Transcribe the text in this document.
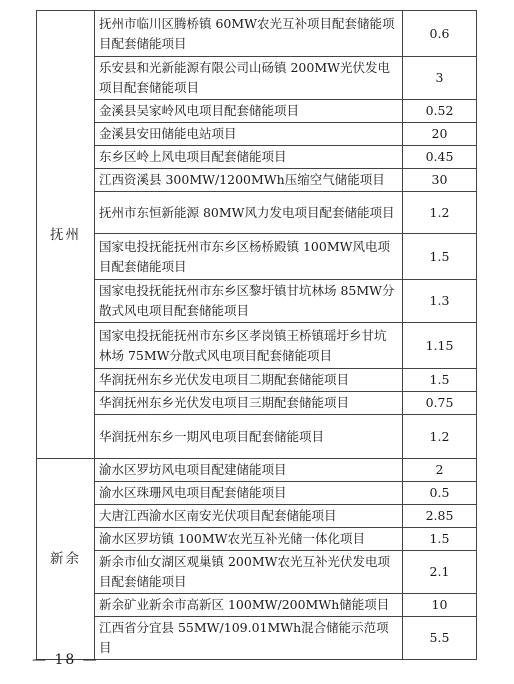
抚州	抚州市临川区腾桥镇 60MW农光互补项目配套储能项目配套储能项目	0.6
	乐安县和光新能源有限公司山砀镇 200MW光伏发电项目配套储能项目	3
	金溪县吴家岭风电项目配套储能项目	0.52
	金溪县安田储能电站项目	20
	东乡区岭上风电项目配套储能项目	0.45
	江西资溪县 300MW/1200MWh压缩空气储能项目	30
	抚州市东恒新能源 80MW风力发电项目配套储能项目	1.2
	国家电投抚能抚州市东乡区杨桥殿镇 100MW风电项目配套储能项目	1.5
	国家电投抚能抚州市东乡区黎圩镇甘坑林场 85MW分散式风电项目配套储能项目	1.3
	国家电投抚能抚州市东乡区孝岗镇王桥镇瑶圩乡甘坑林场 75MW分散式风电项目配套储能项目	1.15
	华润抚州东乡光伏发电项目二期配套储能项目	1.5
	华润抚州东乡光伏发电项目三期配套储能项目	0.75
	华润抚州东乡一期风电项目配套储能项目	1.2
新余	渝水区罗坊风电项目配建储能项目	2
	渝水区珠珊风电项目配套储能项目	0.5
	大唐江西渝水区南安光伏项目配套储能项目	2.85
	渝水区罗坊镇 100MW农光互补光储一体化项目	1.5
	新余市仙女湖区观巢镇 200MW农光互补光伏发电项目配套储能项目	2.1
	新余矿业新余市高新区 100MW/200MWh储能项目	10
	江西省分宜县 55MW/109.01MWh混合储能示范项目	5.5
— 18 —
